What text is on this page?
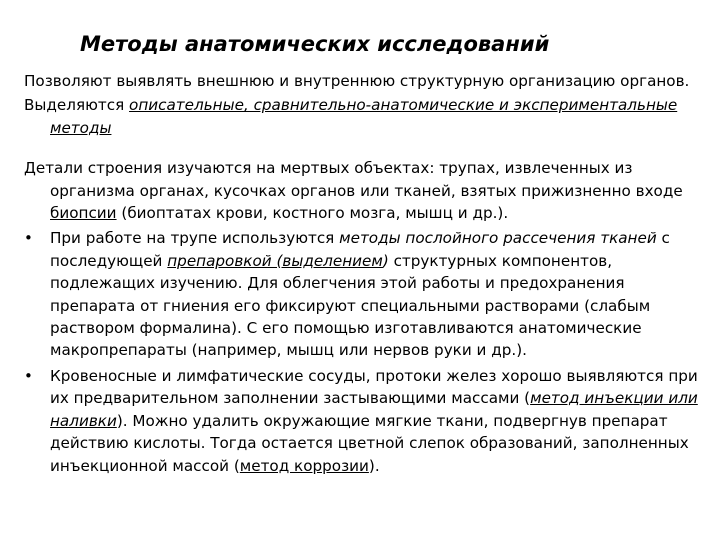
Методы анатомических исследований

Позволяют выявлять внешнюю и внутреннюю структурную организацию органов.

Выделяются описательные, сравнительно-анатомические и экспериментальные методы

Детали строения изучаются на мертвых объектах: трупах, извлеченных из организма органах, кусочках органов или тканей, взятых прижизненно входе биопсии (биоптатах крови, костного мозга, мышц и др.).

• При работе на трупе используются методы послойного рассечения тканей с последующей препаровкой (выделением) структурных компонентов, подлежащих изучению. Для облегчения этой работы и предохранения препарата от гниения его фиксируют специальными растворами (слабым раствором формалина). С его помощью изготавливаются анатомические макропрепараты (например, мышц или нервов руки и др.).
• Кровеносные и лимфатические сосуды, протоки желез хорошо выявляются при их предварительном заполнении застывающими массами (метод инъекции или наливки). Можно удалить окружающие мягкие ткани, подвергнув препарат действию кислоты. Тогда остается цветной слепок образований, заполненных инъекционной массой (метод коррозии).
